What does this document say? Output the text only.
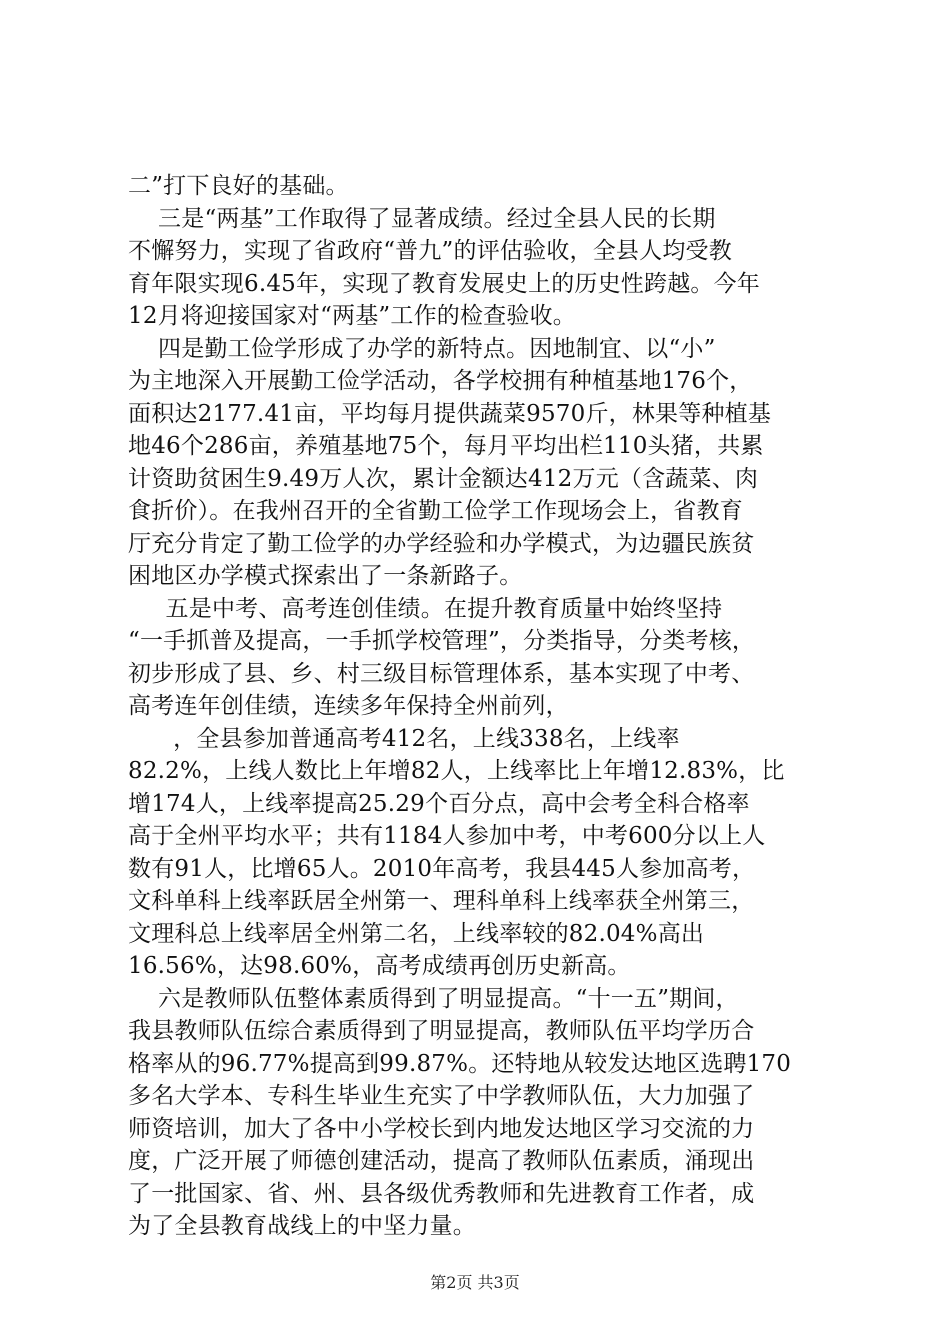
二”打下良好的基础。
三是“两基”工作取得了显著成绩。经过全县人民的长期
不懈努力，实现了省政府“普九”的评估验收，全县人均受教
育年限实现6.45年，实现了教育发展史上的历史性跨越。今年
12月将迎接国家对“两基”工作的检查验收。
四是勤工俭学形成了办学的新特点。因地制宜、以“小”
为主地深入开展勤工俭学活动，各学校拥有种植基地176个，
面积达2177.41亩，平均每月提供蔬菜9570斤，林果等种植基
地46个286亩，养殖基地75个，每月平均出栏110头猪，共累
计资助贫困生9.49万人次，累计金额达412万元（含蔬菜、肉
食折价）。在我州召开的全省勤工俭学工作现场会上，省教育
厅充分肯定了勤工俭学的办学经验和办学模式，为边疆民族贫
困地区办学模式探索出了一条新路子。
五是中考、高考连创佳绩。在提升教育质量中始终坚持
“一手抓普及提高，一手抓学校管理”，分类指导，分类考核，
初步形成了县、乡、村三级目标管理体系，基本实现了中考、
高考连年创佳绩，连续多年保持全州前列，
，全县参加普通高考412名，上线338名，上线率
82.2%，上线人数比上年增82人，上线率比上年增12.83%，比
增174人，上线率提高25.29个百分点，高中会考全科合格率
高于全州平均水平；共有1184人参加中考，中考600分以上人
数有91人，比增65人。2010年高考，我县445人参加高考，
文科单科上线率跃居全州第一、理科单科上线率获全州第三，
文理科总上线率居全州第二名，上线率较的82.04%高出
16.56%，达98.60%，高考成绩再创历史新高。
六是教师队伍整体素质得到了明显提高。“十一五”期间，
我县教师队伍综合素质得到了明显提高，教师队伍平均学历合
格率从的96.77%提高到99.87%。还特地从较发达地区选聘170
多名大学本、专科生毕业生充实了中学教师队伍，大力加强了
师资培训，加大了各中小学校长到内地发达地区学习交流的力
度，广泛开展了师德创建活动，提高了教师队伍素质，涌现出
了一批国家、省、州、县各级优秀教师和先进教育工作者，成
为了全县教育战线上的中坚力量。
第2页 共3页
